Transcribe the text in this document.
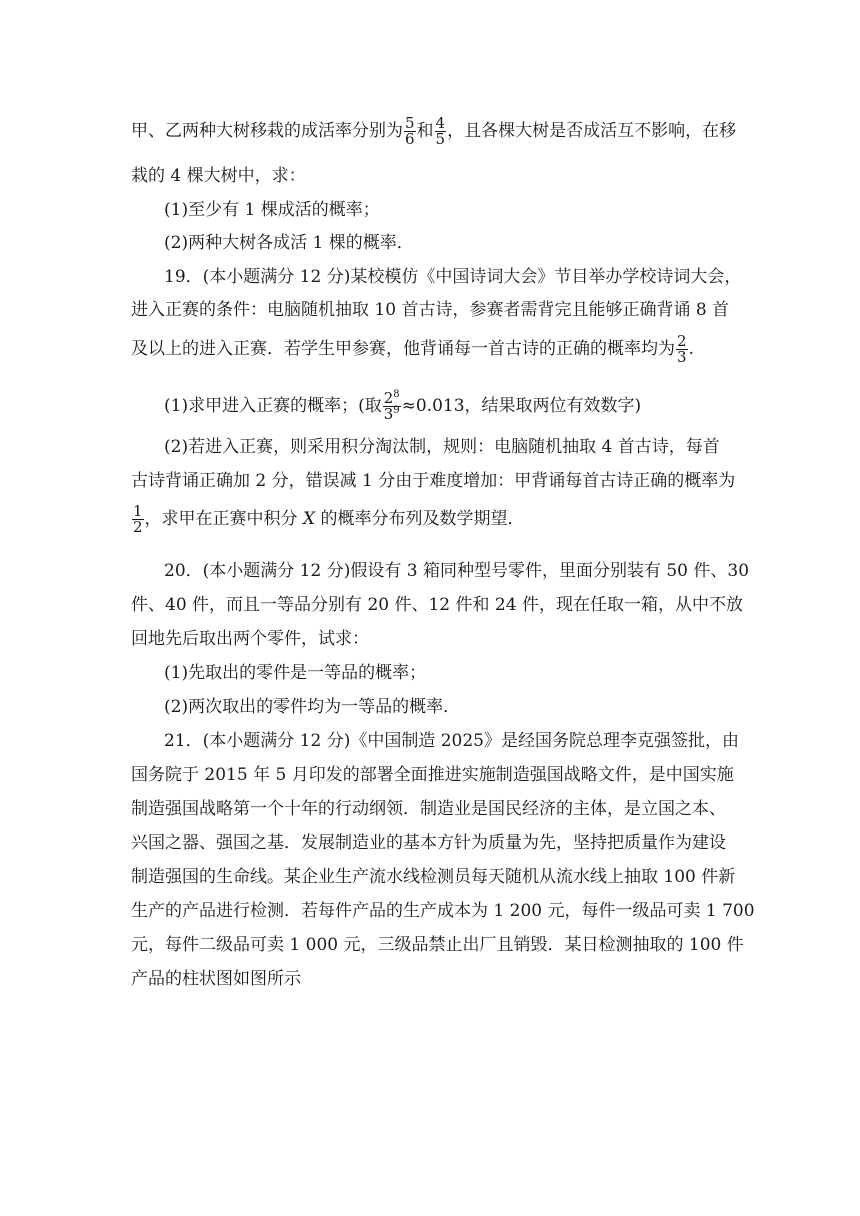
甲、乙两种大树移栽的成活率分别为 $\frac{5}{6}$ 和 $\frac{4}{5}$ ，且各棵大树是否成活互不影响，在移
栽的 4 棵大树中，求：
(1)至少有 1 棵成活的概率；
(2)两种大树各成活 1 棵的概率．
19．(本小题满分 12 分)某校模仿《中国诗词大会》节目举办学校诗词大会，
进入正赛的条件：电脑随机抽取 10 首古诗，参赛者需背完且能够正确背诵 8 首
及以上的进入正赛．若学生甲参赛，他背诵每一首古诗的正确的概率均为 $\frac{2}{3}$ .
(1)求甲进入正赛的概率；(取 $\frac{2^8}{3^9} \approx 0.013$，结果取两位有效数字)
(2)若进入正赛，则采用积分淘汰制，规则：电脑随机抽取 4 首古诗，每首
古诗背诵正确加 2 分，错误减 1 分由于难度增加：甲背诵每首古诗正确的概率为
$\frac{1}{2}$ ，求甲在正赛中积分 X 的概率分布列及数学期望．
20．(本小题满分 12 分)假设有 3 箱同种型号零件，里面分别装有 50 件、30
件、40 件，而且一等品分别有 20 件、12 件和 24 件，现在任取一箱，从中不放
回地先后取出两个零件，试求：
(1)先取出的零件是一等品的概率；
(2)两次取出的零件均为一等品的概率．
21．(本小题满分 12 分)《中国制造 2025》是经国务院总理李克强签批，由
国务院于 2015 年 5 月印发的部署全面推进实施制造强国战略文件，是中国实施
制造强国战略第一个十年的行动纲领．制造业是国民经济的主体，是立国之本、
兴国之器、强国之基．发展制造业的基本方针为质量为先，坚持把质量作为建设
制造强国的生命线。某企业生产流水线检测员每天随机从流水线上抽取 100 件新
生产的产品进行检测．若每件产品的生产成本为 1 200 元，每件一级品可卖 1 700
元，每件二级品可卖 1 000 元，三级品禁止出厂且销毁．某日检测抽取的 100 件
产品的柱状图如图所示
